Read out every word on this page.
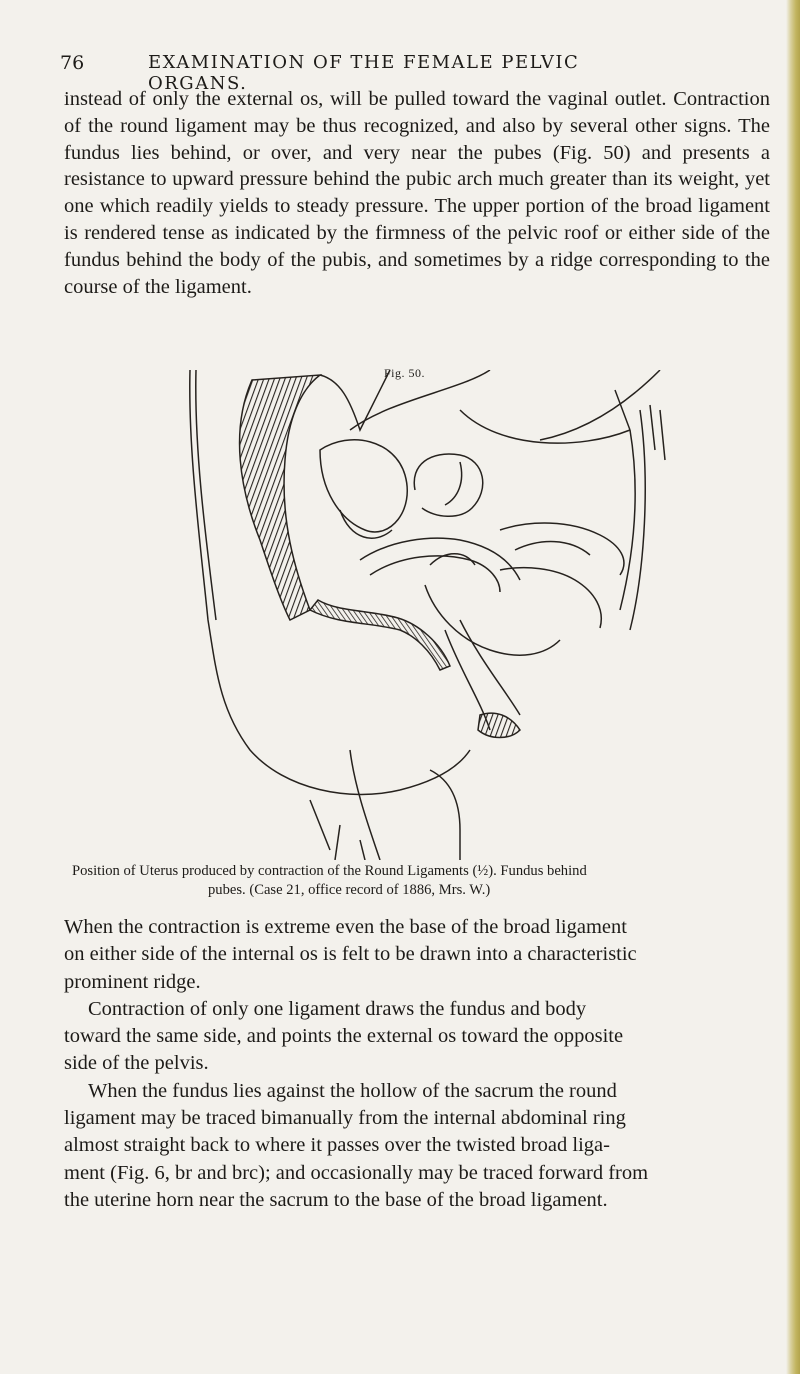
76	EXAMINATION OF THE FEMALE PELVIC ORGANS.

instead of only the external os, will be pulled toward the vaginal outlet. Contraction of the round ligament may be thus recognized, and also by several other signs. The fundus lies behind, or over, and very near the pubes (Fig. 50) and presents a resistance to upward pressure behind the pubic arch much greater than its weight, yet one which readily yields to steady pressure. The upper portion of the broad ligament is rendered tense as indicated by the firmness of the pelvic roof or either side of the fundus behind the body of the pubis, and sometimes by a ridge corresponding to the course of the ligament.

Fig. 50.
Position of Uterus produced by contraction of the Round Ligaments (½). Fundus behind
pubes. (Case 21, office record of 1886, Mrs. W.)
When the contraction is extreme even the base of the broad ligament
on either side of the internal os is felt to be drawn into a characteristic
prominent ridge.
Contraction of only one ligament draws the fundus and body
toward the same side, and points the external os toward the opposite
side of the pelvis.
When the fundus lies against the hollow of the sacrum the round
ligament may be traced bimanually from the internal abdominal ring
almost straight back to where it passes over the twisted broad liga-
ment (Fig. 6, br and brc); and occasionally may be traced forward from
the uterine horn near the sacrum to the base of the broad ligament.
